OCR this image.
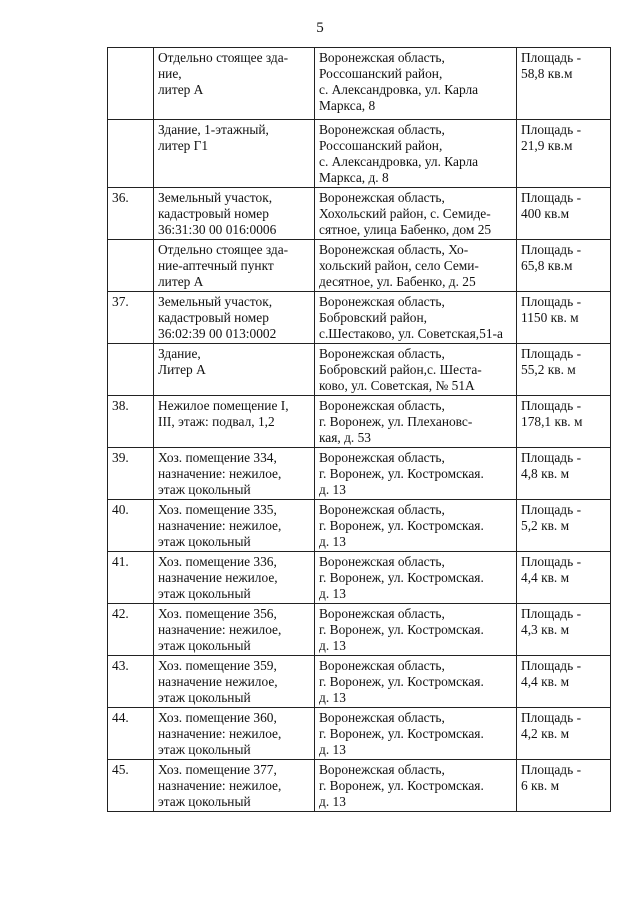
5

	Отдельно стоящее зда-
ние,
литер А	Воронежская область,
Россошанский район,
с. Александровка, ул. Карла
Маркса, 8	Площадь -
58,8 кв.м

	Здание, 1-этажный,
литер Г1	Воронежская область,
Россошанский район,
с. Александровка, ул. Карла
Маркса, д. 8	Площадь -
21,9 кв.м

36.	Земельный участок,
кадастровый номер
36:31:30 00 016:0006	Воронежская область,
Хохольский район, с. Семиде-
сятное, улица Бабенко, дом 25	Площадь -
400 кв.м

	Отдельно стоящее зда-
ние-аптечный пункт
литер А	Воронежская область, Хо-
хольский район, село Семи-
десятное, ул. Бабенко, д. 25	Площадь -
65,8 кв.м

37.	Земельный участок,
кадастровый номер
36:02:39 00 013:0002	Воронежская область,
Бобровский район,
с.Шестаково, ул. Советская,51-а	Площадь -
1150 кв. м

	Здание,
Литер А	Воронежская область,
Бобровский район,с. Шеста-
ково, ул. Советская, № 51А	Площадь -
55,2 кв. м

38.	Нежилое помещение I,
III, этаж: подвал, 1,2	Воронежская область,
г. Воронеж, ул. Плехановс-
кая, д. 53	Площадь -
178,1 кв. м

39.	Хоз. помещение 334,
назначение: нежилое,
этаж цокольный	Воронежская область,
г. Воронеж, ул. Костромская.
д. 13	Площадь -
4,8 кв. м

40.	Хоз. помещение 335,
назначение: нежилое,
этаж цокольный	Воронежская область,
г. Воронеж, ул. Костромская.
д. 13	Площадь -
5,2 кв. м

41.	Хоз. помещение 336,
назначение нежилое,
этаж цокольный	Воронежская область,
г. Воронеж, ул. Костромская.
д. 13	Площадь -
4,4 кв. м

42.	Хоз. помещение 356,
назначение: нежилое,
этаж цокольный	Воронежская область,
г. Воронеж, ул. Костромская.
д. 13	Площадь -
4,3 кв. м

43.	Хоз. помещение 359,
назначение нежилое,
этаж цокольный	Воронежская область,
г. Воронеж, ул. Костромская.
д. 13	Площадь -
4,4 кв. м

44.	Хоз. помещение 360,
назначение: нежилое,
этаж цокольный	Воронежская область,
г. Воронеж, ул. Костромская.
д. 13	Площадь -
4,2 кв. м

45.	Хоз. помещение 377,
назначение: нежилое,
этаж цокольный	Воронежская область,
г. Воронеж, ул. Костромская.
д. 13	Площадь -
6 кв. м
